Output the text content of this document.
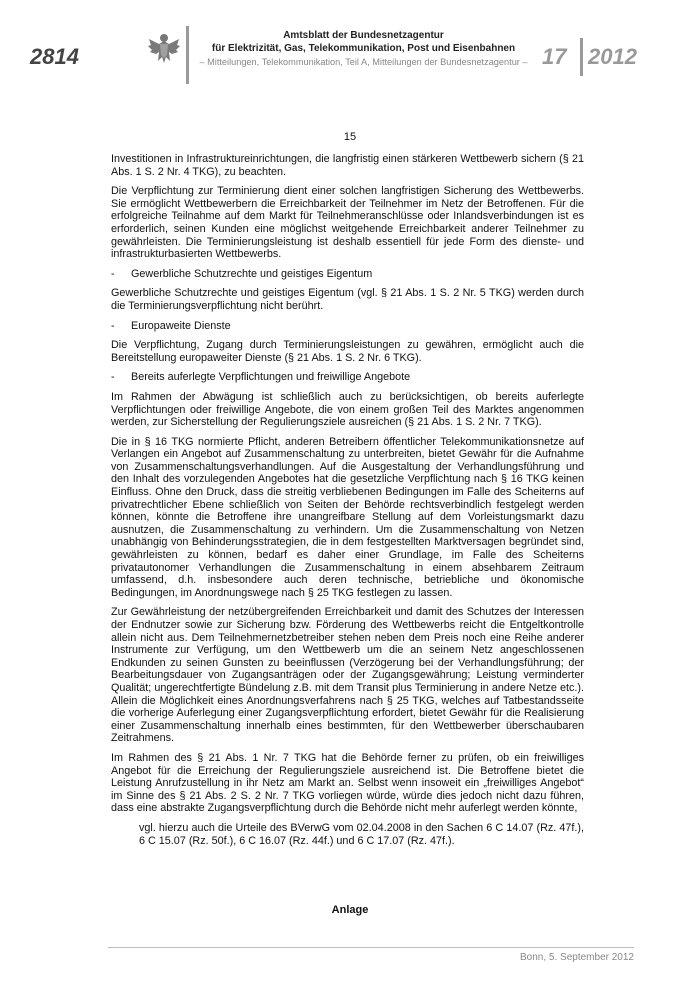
2814
Amtsblatt der Bundesnetzagentur
für Elektrizität, Gas, Telekommunikation, Post und Eisenbahnen
– Mitteilungen, Telekommunikation, Teil A, Mitteilungen der Bundesnetzagentur – 17 2012
15

Investitionen in Infrastruktureinrichtungen, die langfristig einen stärkeren Wettbewerb sichern (§ 21 Abs. 1 S. 2 Nr. 4 TKG), zu beachten.

Die Verpflichtung zur Terminierung dient einer solchen langfristigen Sicherung des Wettbewerbs. Sie ermöglicht Wettbewerbern die Erreichbarkeit der Teilnehmer im Netz der Betroffenen. Für die erfolgreiche Teilnahme auf dem Markt für Teilnehmeranschlüsse oder Inlandsverbindungen ist es erforderlich, seinen Kunden eine möglichst weitgehende Erreichbarkeit anderer Teilnehmer zu gewährleisten. Die Terminierungsleistung ist deshalb essentiell für jede Form des dienste- und infrastrukturbasierten Wettbewerbs.

-	Gewerbliche Schutzrechte und geistiges Eigentum

Gewerbliche Schutzrechte und geistiges Eigentum (vgl. § 21 Abs. 1 S. 2 Nr. 5 TKG) werden durch die Terminierungsverpflichtung nicht berührt.

-	Europaweite Dienste

Die Verpflichtung, Zugang durch Terminierungsleistungen zu gewähren, ermöglicht auch die Bereitstellung europaweiter Dienste (§ 21 Abs. 1 S. 2 Nr. 6 TKG).

-	Bereits auferlegte Verpflichtungen und freiwillige Angebote

Im Rahmen der Abwägung ist schließlich auch zu berücksichtigen, ob bereits auferlegte Verpflichtungen oder freiwillige Angebote, die von einem großen Teil des Marktes angenommen werden, zur Sicherstellung der Regulierungsziele ausreichen (§ 21 Abs. 1 S. 2 Nr. 7 TKG).

Die in § 16 TKG normierte Pflicht, anderen Betreibern öffentlicher Telekommunikationsnetze auf Verlangen ein Angebot auf Zusammenschaltung zu unterbreiten, bietet Gewähr für die Aufnahme von Zusammenschaltungsverhandlungen. Auf die Ausgestaltung der Verhandlungsführung und den Inhalt des vorzulegenden Angebotes hat die gesetzliche Verpflichtung nach § 16 TKG keinen Einfluss. Ohne den Druck, dass die streitig verbliebenen Bedingungen im Falle des Scheiterns auf privatrechtlicher Ebene schließlich von Seiten der Behörde rechtsverbindlich festgelegt werden können, könnte die Betroffene ihre unangreifbare Stellung auf dem Vorleistungsmarkt dazu ausnutzen, die Zusammenschaltung zu verhindern. Um die Zusammenschaltung von Netzen unabhängig von Behinderungsstrategien, die in dem festgestellten Marktversagen begründet sind, gewährleisten zu können, bedarf es daher einer Grundlage, im Falle des Scheiterns privatautonomer Verhandlungen die Zusammenschaltung in einem absehbarem Zeitraum umfassend, d.h. insbesondere auch deren technische, betriebliche und ökonomische Bedingungen, im Anordnungswege nach § 25 TKG festlegen zu lassen.

Zur Gewährleistung der netzübergreifenden Erreichbarkeit und damit des Schutzes der Interessen der Endnutzer sowie zur Sicherung bzw. Förderung des Wettbewerbs reicht die Entgeltkontrolle allein nicht aus. Dem Teilnehmernetzbetreiber stehen neben dem Preis noch eine Reihe anderer Instrumente zur Verfügung, um den Wettbewerb um die an seinem Netz angeschlossenen Endkunden zu seinen Gunsten zu beeinflussen (Verzögerung bei der Verhandlungsführung; der Bearbeitungsdauer von Zugangsanträgen oder der Zugangsgewährung; Leistung verminderter Qualität; ungerechtfertigte Bündelung z.B. mit dem Transit plus Terminierung in andere Netze etc.). Allein die Möglichkeit eines Anordnungsverfahrens nach § 25 TKG, welches auf Tatbestandsseite die vorherige Auferlegung einer Zugangsverpflichtung erfordert, bietet Gewähr für die Realisierung einer Zusammenschaltung innerhalb eines bestimmten, für den Wettbewerber überschaubaren Zeitrahmens.

Im Rahmen des § 21 Abs. 1 Nr. 7 TKG hat die Behörde ferner zu prüfen, ob ein freiwilliges Angebot für die Erreichung der Regulierungsziele ausreichend ist. Die Betroffene bietet die Leistung Anrufzustellung in ihr Netz am Markt an. Selbst wenn insoweit ein „freiwilliges Angebot“ im Sinne des § 21 Abs. 2 S. 2 Nr. 7 TKG vorliegen würde, würde dies jedoch nicht dazu führen, dass eine abstrakte Zugangsverpflichtung durch die Behörde nicht mehr auferlegt werden könnte,

vgl. hierzu auch die Urteile des BVerwG vom 02.04.2008 in den Sachen 6 C 14.07 (Rz. 47f.), 6 C 15.07 (Rz. 50f.), 6 C 16.07 (Rz. 44f.) und 6 C 17.07 (Rz. 47f.).

Anlage
Bonn, 5. September 2012
